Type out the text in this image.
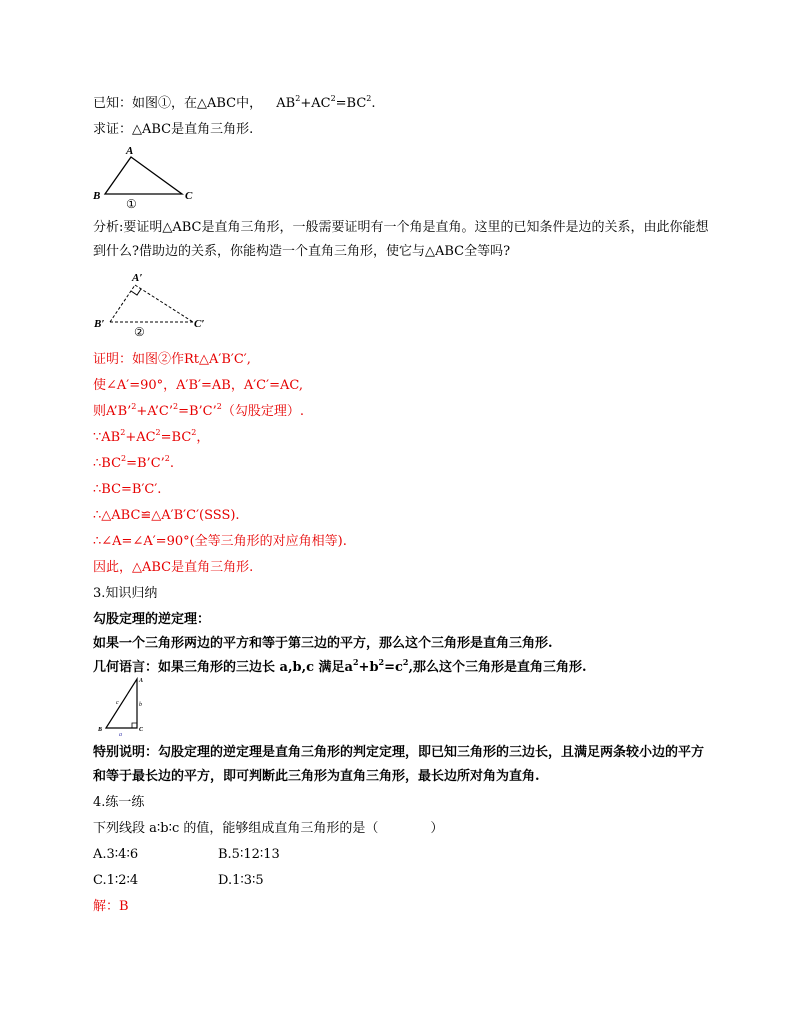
已知：如图①，在△ABC中， $AB^2+AC^2=BC^2$.
求证：△ABC是直角三角形.
A
B	C
①
分析:要证明△ABC是直角三角形，一般需要证明有一个角是直角。这里的已知条件是边的关系，由此你能想到什么?借助边的关系，你能构造一个直角三角形，使它与△ABC全等吗?
A′
B′	C′
②
证明：如图②作Rt△A′B′C′,
使∠A′=90°，A′B′=AB，A′C′=AC,
则A’B’$^2$+A’C’$^2$=B’C’$^2$（勾股定理）.
$\because AB^2+AC^2=BC^2$，
$\therefore BC^2=B’C’^2$.
∴BC=B′C′.
∴△ABC≌△A′B′C′(SSS).
∴∠A=∠A′=90°(全等三角形的对应角相等).
因此，△ABC是直角三角形.
3.知识归纳
勾股定理的逆定理：
如果一个三角形两边的平方和等于第三边的平方，那么这个三角形是直角三角形.
几何语言：如果三角形的三边长 a,b,c 满足$a^2+b^2=c^2$,那么这个三角形是直角三角形.
A
B	C
c	b
a
特别说明：勾股定理的逆定理是直角三角形的判定定理，即已知三角形的三边长，且满足两条较小边的平方和等于最长边的平方，即可判断此三角形为直角三角形，最长边所对角为直角.
4.练一练
下列线段 a∶b∶c 的值，能够组成直角三角形的是（　　　　）
A.3∶4∶6	B.5∶12∶13
C.1∶2∶4	D.1∶3∶5
解：B
